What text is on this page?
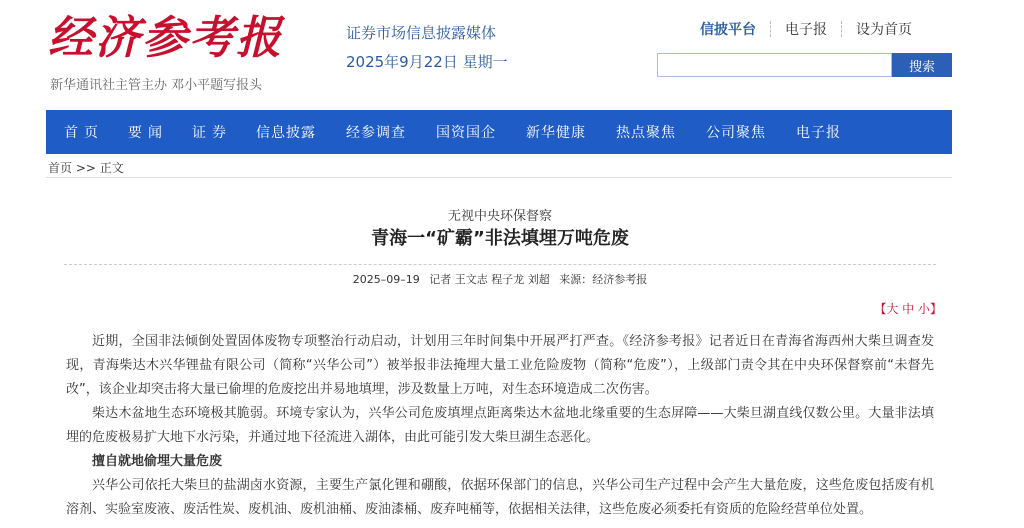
经济参考报
新华通讯社主管主办 邓小平题写报头
证券市场信息披露媒体
2025年9月22日 星期一
信披平台	电子报	设为首页
搜索
首页 要闻 证券 信息披露 经参调查 国资国企 新华健康 热点聚焦 公司聚焦 电子报
首页 >> 正文
无视中央环保督察
青海一“矿霸”非法填埋万吨危废
2025–09–19 记者 王文志 程子龙 刘超 来源：经济参考报
【大 中 小】

近期，全国非法倾倒处置固体废物专项整治行动启动，计划用三年时间集中开展严打严查。《经济参考报》记者近日在青海省海西州大柴旦调查发现，青海柴达木兴华锂盐有限公司（简称“兴华公司”）被举报非法掩埋大量工业危险废物（简称“危废”），上级部门责令其在中央环保督察前“未督先改”，该企业却突击将大量已偷埋的危废挖出并易地填埋，涉及数量上万吨，对生态环境造成二次伤害。

柴达木盆地生态环境极其脆弱。环境专家认为，兴华公司危废填埋点距离柴达木盆地北缘重要的生态屏障——大柴旦湖直线仅数公里。大量非法填埋的危废极易扩大地下水污染，并通过地下径流进入湖体，由此可能引发大柴旦湖生态恶化。

擅自就地偷埋大量危废

兴华公司依托大柴旦的盐湖卤水资源，主要生产氯化锂和硼酸，依据环保部门的信息，兴华公司生产过程中会产生大量危废，这些危废包括废有机溶剂、实验室废液、废活性炭、废机油、废机油桶、废油漆桶、废弃吨桶等，依据相关法律，这些危废必须委托有资质的危险经营单位处置。
